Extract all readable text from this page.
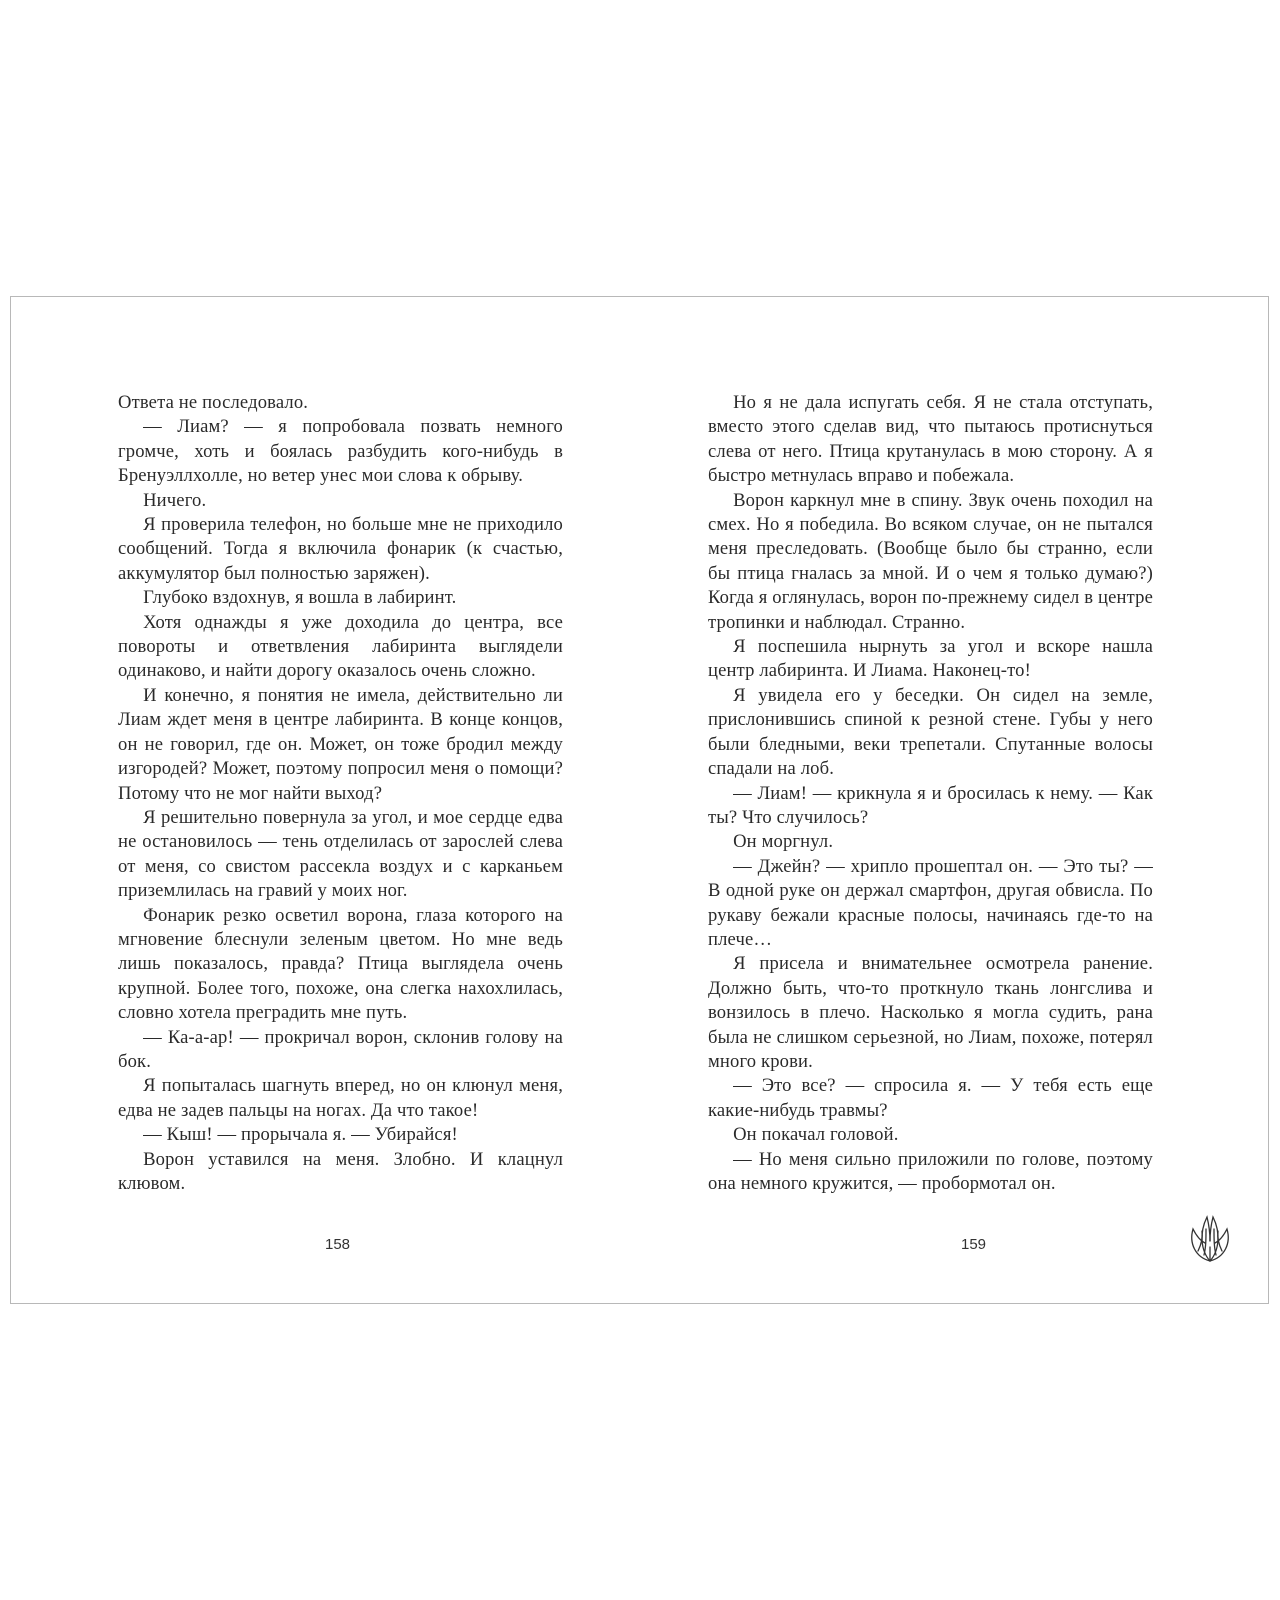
Ответа не последовало.

— Лиам? — я попробовала позвать немного громче, хоть и боялась разбудить кого-нибудь в Бренуэллхолле, но ветер унес мои слова к обрыву.

Ничего.

Я проверила телефон, но больше мне не приходило сообщений. Тогда я включила фонарик (к счастью, аккумулятор был полностью заряжен).

Глубоко вздохнув, я вошла в лабиринт.

Хотя однажды я уже доходила до центра, все повороты и ответвления лабиринта выглядели одинаково, и найти дорогу оказалось очень сложно.

И конечно, я понятия не имела, действительно ли Лиам ждет меня в центре лабиринта. В конце концов, он не говорил, где он. Может, он тоже бродил между изгородей? Может, поэтому попросил меня о помощи? Потому что не мог найти выход?

Я решительно повернула за угол, и мое сердце едва не остановилось — тень отделилась от зарослей слева от меня, со свистом рассекла воздух и с карканьем приземлилась на гравий у моих ног.

Фонарик резко осветил ворона, глаза которого на мгновение блеснули зеленым цветом. Но мне ведь лишь показалось, правда? Птица выглядела очень крупной. Более того, похоже, она слегка нахохлилась, словно хотела преградить мне путь.

— Ка-а-ар! — прокричал ворон, склонив голову на бок.

Я попыталась шагнуть вперед, но он клюнул меня, едва не задев пальцы на ногах. Да что такое!

— Кыш! — прорычала я. — Убирайся!

Ворон уставился на меня. Злобно. И клацнул клювом.

Но я не дала испугать себя. Я не стала отступать, вместо этого сделав вид, что пытаюсь протиснуться слева от него. Птица крутанулась в мою сторону. А я быстро метнулась вправо и побежала.

Ворон каркнул мне в спину. Звук очень походил на смех. Но я победила. Во всяком случае, он не пытался меня преследовать. (Вообще было бы странно, если бы птица гналась за мной. И о чем я только думаю?) Когда я оглянулась, ворон по-прежнему сидел в центре тропинки и наблюдал. Странно.

Я поспешила нырнуть за угол и вскоре нашла центр лабиринта. И Лиама. Наконец-то!

Я увидела его у беседки. Он сидел на земле, прислонившись спиной к резной стене. Губы у него были бледными, веки трепетали. Спутанные волосы спадали на лоб.

— Лиам! — крикнула я и бросилась к нему. — Как ты? Что случилось?

Он моргнул.

— Джейн? — хрипло прошептал он. — Это ты? — В одной руке он держал смартфон, другая обвисла. По рукаву бежали красные полосы, начинаясь где-то на плече…

Я присела и внимательнее осмотрела ранение. Должно быть, что-то проткнуло ткань лонгслива и вонзилось в плечо. Насколько я могла судить, рана была не слишком серьезной, но Лиам, похоже, потерял много крови.

— Это все? — спросила я. — У тебя есть еще какие-нибудь травмы?

Он покачал головой.

— Но меня сильно приложили по голове, поэтому она немного кружится, — пробормотал он.

158	159
